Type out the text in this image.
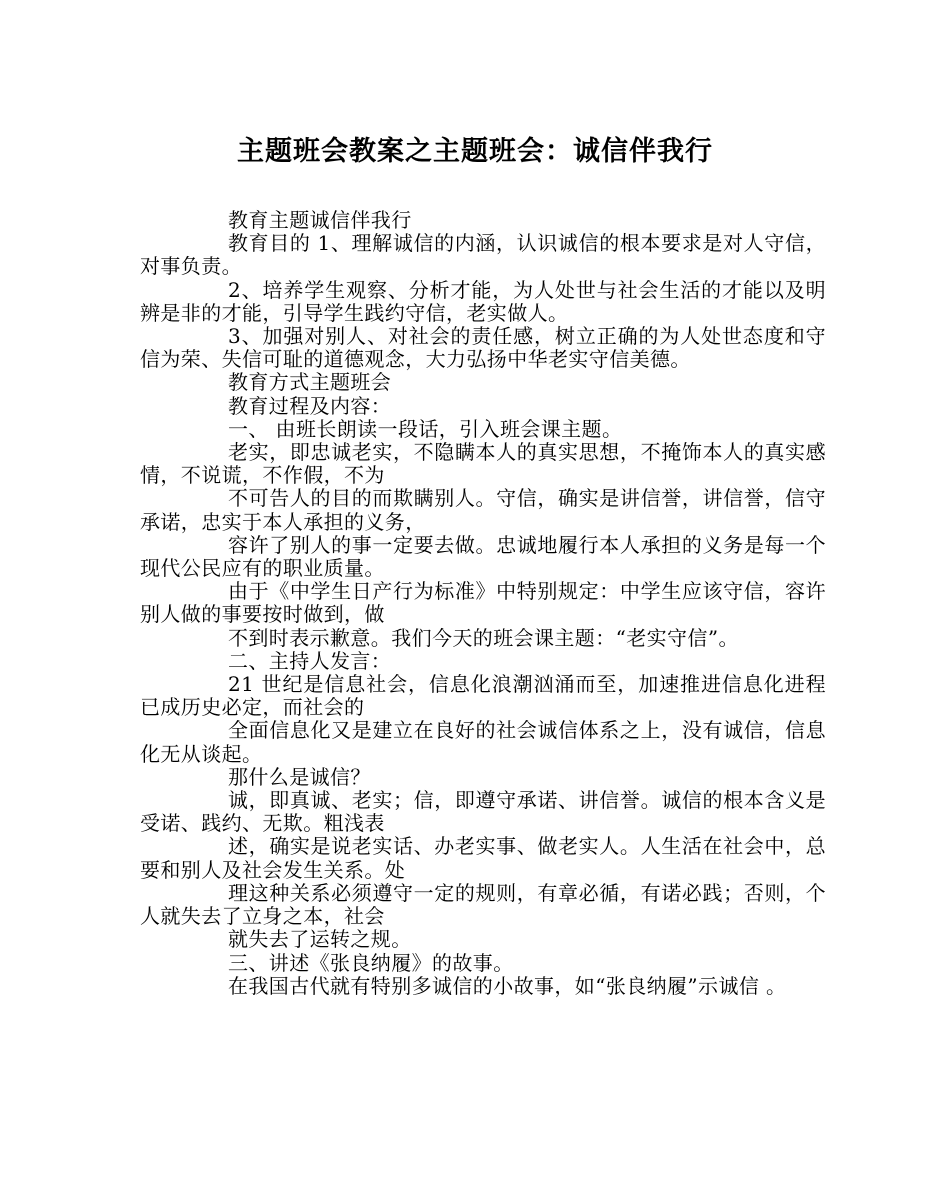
主题班会教案之主题班会：诚信伴我行

教育主题诚信伴我行

教育目的 1、理解诚信的内涵，认识诚信的根本要求是对人守信，对事负责。

2、培养学生观察、分析才能，为人处世与社会生活的才能以及明辨是非的才能，引导学生践约守信，老实做人。

3、加强对别人、对社会的责任感，树立正确的为人处世态度和守信为荣、失信可耻的道德观念，大力弘扬中华老实守信美德。

教育方式主题班会

教育过程及内容：

一、 由班长朗读一段话，引入班会课主题。

老实，即忠诚老实，不隐瞒本人的真实思想，不掩饰本人的真实感情，不说谎，不作假，不为

不可告人的目的而欺瞒别人。守信，确实是讲信誉，讲信誉，信守承诺，忠实于本人承担的义务，

容许了别人的事一定要去做。忠诚地履行本人承担的义务是每一个现代公民应有的职业质量。

由于《中学生日产行为标准》中特别规定：中学生应该守信，容许别人做的事要按时做到，做

不到时表示歉意。我们今天的班会课主题：“老实守信”。

二、主持人发言：

21 世纪是信息社会，信息化浪潮汹涌而至，加速推进信息化进程已成历史必定，而社会的

全面信息化又是建立在良好的社会诚信体系之上，没有诚信，信息化无从谈起。

那什么是诚信？

诚，即真诚、老实；信，即遵守承诺、讲信誉。诚信的根本含义是受诺、践约、无欺。粗浅表

述，确实是说老实话、办老实事、做老实人。人生活在社会中，总要和别人及社会发生关系。处

理这种关系必须遵守一定的规则，有章必循，有诺必践；否则，个人就失去了立身之本，社会

就失去了运转之规。

三、讲述《张良纳履》的故事。

在我国古代就有特别多诚信的小故事，如“张良纳履”示诚信 。
